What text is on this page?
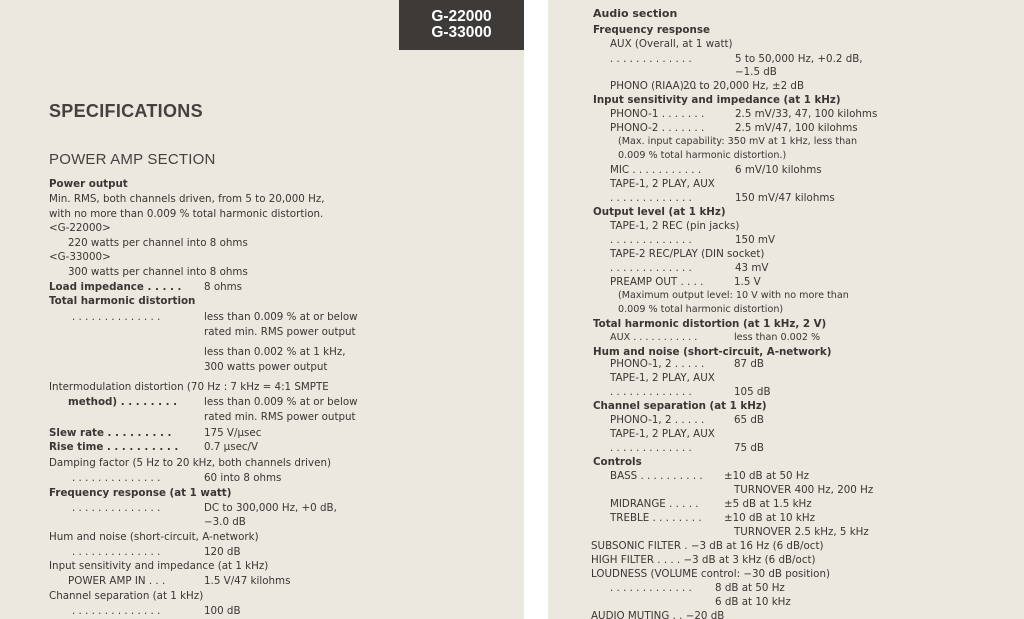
G-22000
G-33000
SPECIFICATIONS
POWER AMP SECTION
Power output
Min. RMS, both channels driven, from 5 to 20,000 Hz,
with no more than 0.009 % total harmonic distortion.
<G-22000>
220 watts per channel into 8 ohms
<G-33000>
300 watts per channel into 8 ohms
Load impedance . . . . . 8 ohms
Total harmonic distortion
. . . . . . . . . . . . . .	less than 0.009 % at or below
rated min. RMS power output
less than 0.002 % at 1 kHz,
300 watts power output
Intermodulation distortion (70 Hz : 7 kHz = 4:1 SMPTE
method) . . . . . . . .	less than 0.009 % at or below
rated min. RMS power output
Slew rate . . . . . . . . .	175 V/µsec
Rise time . . . . . . . . . . 0.7 µsec/V
Damping factor (5 Hz to 20 kHz, both channels driven)
. . . . . . . . . . . . . .	60 into 8 ohms
Frequency response (at 1 watt)
. . . . . . . . . . . . . .	DC to 300,000 Hz, +0 dB,
−3.0 dB
Hum and noise (short-circuit, A-network)
. . . . . . . . . . . . . .	120 dB
Input sensitivity and impedance (at 1 kHz)
POWER AMP IN . . .	1.5 V/47 kilohms
Channel separation (at 1 kHz)
. . . . . . . . . . . . . .	100 dB
Audio section
Frequency response
AUX (Overall, at 1 watt)
. . . . . . . . . . . . .	5 to 50,000 Hz, +0.2 dB,
−1.5 dB
PHONO (RIAA) . . .
20 to 20,000 Hz, ±2 dB
Input sensitivity and impedance (at 1 kHz)
PHONO-1 . . . . . . .	2.5 mV/33, 47, 100 kilohms
PHONO-2 . . . . . . .	2.5 mV/47, 100 kilohms
(Max. input capability: 350 mV at 1 kHz, less than
0.009 % total harmonic distortion.)
MIC . . . . . . . . . . .	6 mV/10 kilohms
TAPE-1, 2 PLAY, AUX
. . . . . . . . . . . . .	150 mV/47 kilohms
Output level (at 1 kHz)
TAPE-1, 2 REC (pin jacks)
. . . . . . . . . . . . .	150 mV
TAPE-2 REC/PLAY (DIN socket)
. . . . . . . . . . . . .	43 mV
PREAMP OUT . . . .	1.5 V
(Maximum output level: 10 V with no more than
0.009 % total harmonic distortion)
Total harmonic distortion (at 1 kHz, 2 V)
AUX . . . . . . . . . . .	less than 0.002 %
Hum and noise (short-circuit, A-network)
PHONO-1, 2 . . . . .	87 dB
TAPE-1, 2 PLAY, AUX
. . . . . . . . . . . . .	105 dB
Channel separation (at 1 kHz)
PHONO-1, 2 . . . . .	65 dB
TAPE-1, 2 PLAY, AUX
. . . . . . . . . . . . .	75 dB
Controls
BASS . . . . . . . . . . ±10 dB at 50 Hz
TURNOVER 400 Hz, 200 Hz
MIDRANGE . . . . . ±5 dB at 1.5 kHz
TREBLE . . . . . . . . ±10 dB at 10 kHz
TURNOVER 2.5 kHz, 5 kHz
SUBSONIC FILTER . −3 dB at 16 Hz (6 dB/oct)
HIGH FILTER . . . . −3 dB at 3 kHz (6 dB/oct)
LOUDNESS (VOLUME control: −30 dB position)
. . . . . . . . . . . . . 8 dB at 50 Hz
6 dB at 10 kHz
AUDIO MUTING . . −20 dB
